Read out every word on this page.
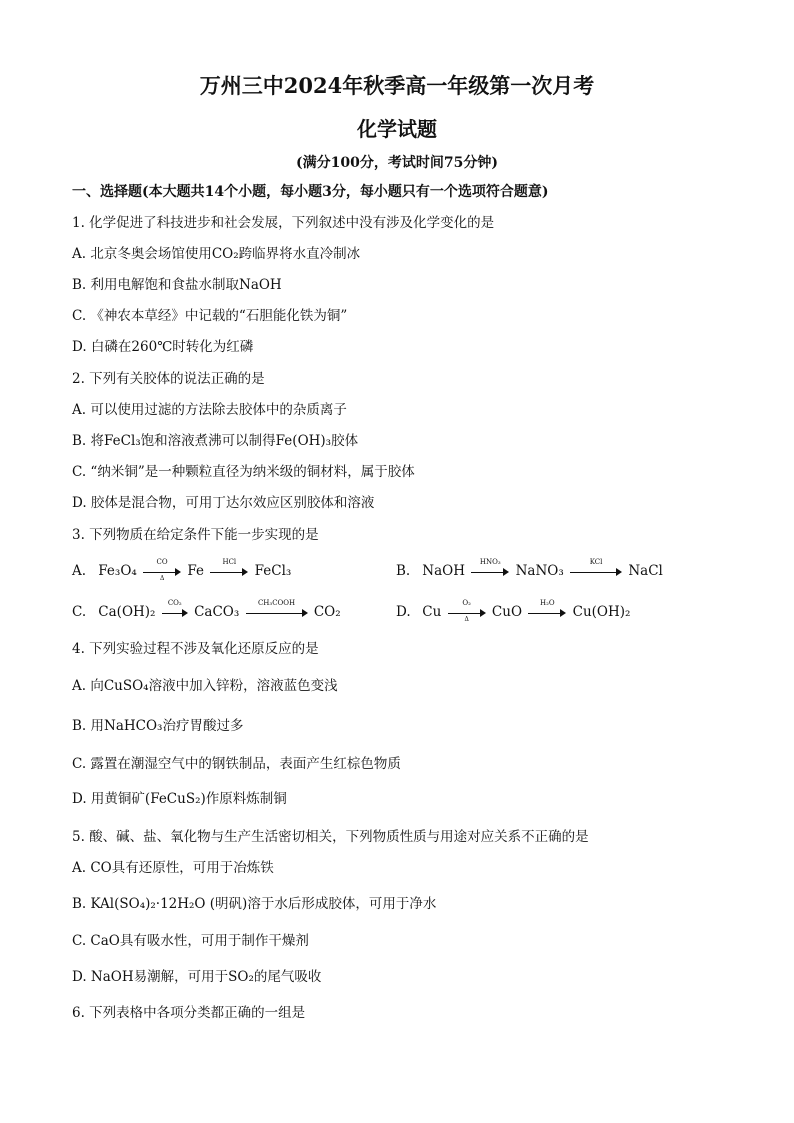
万州三中2024年秋季高一年级第一次月考
化学试题
(满分100分，考试时间75分钟)
一、选择题(本大题共14个小题，每小题3分，每小题只有一个选项符合题意)
1. 化学促进了科技进步和社会发展，下列叙述中没有涉及化学变化的是
A. 北京冬奥会场馆使用CO₂跨临界将水直冷制冰
B. 利用电解饱和食盐水制取NaOH
C. 《神农本草经》中记载的“石胆能化铁为铜”
D. 白磷在260℃时转化为红磷
2. 下列有关胶体的说法正确的是
A. 可以使用过滤的方法除去胶体中的杂质离子
B. 将FeCl₃饱和溶液煮沸可以制得Fe(OH)₃胶体
C. “纳米铜”是一种颗粒直径为纳米级的铜材料，属于胶体
D. 胶体是混合物，可用丁达尔效应区别胶体和溶液
3. 下列物质在给定条件下能一步实现的是
A. $Fe_3O_4 \frac{CO}{\Delta}$ Fe
HCl
FeCl₃	B. NaOH
HNO₃
NaNO₃
KCl
NaCl
C. Ca(OH)₂
CO₂
CaCO₃
CH₃COOH
CO₂	D. Cu $\frac{\text{O₂}}{\Delta}$ CuO
H₂O
Cu(OH)₂
4. 下列实验过程不涉及氧化还原反应的是
A. 向CuSO₄溶液中加入锌粉，溶液蓝色变浅
B. 用NaHCO₃治疗胃酸过多
C. 露置在潮湿空气中的钢铁制品，表面产生红棕色物质
D. 用黄铜矿(FeCuS₂)作原料炼制铜
5. 酸、碱、盐、氧化物与生产生活密切相关，下列物质性质与用途对应关系不正确的是
A. CO具有还原性，可用于冶炼铁
B. KAl(SO₄)₂·12H₂O (明矾)溶于水后形成胶体，可用于净水
C. CaO具有吸水性，可用于制作干燥剂
D. NaOH易潮解，可用于SO₂的尾气吸收
6. 下列表格中各项分类都正确的一组是
